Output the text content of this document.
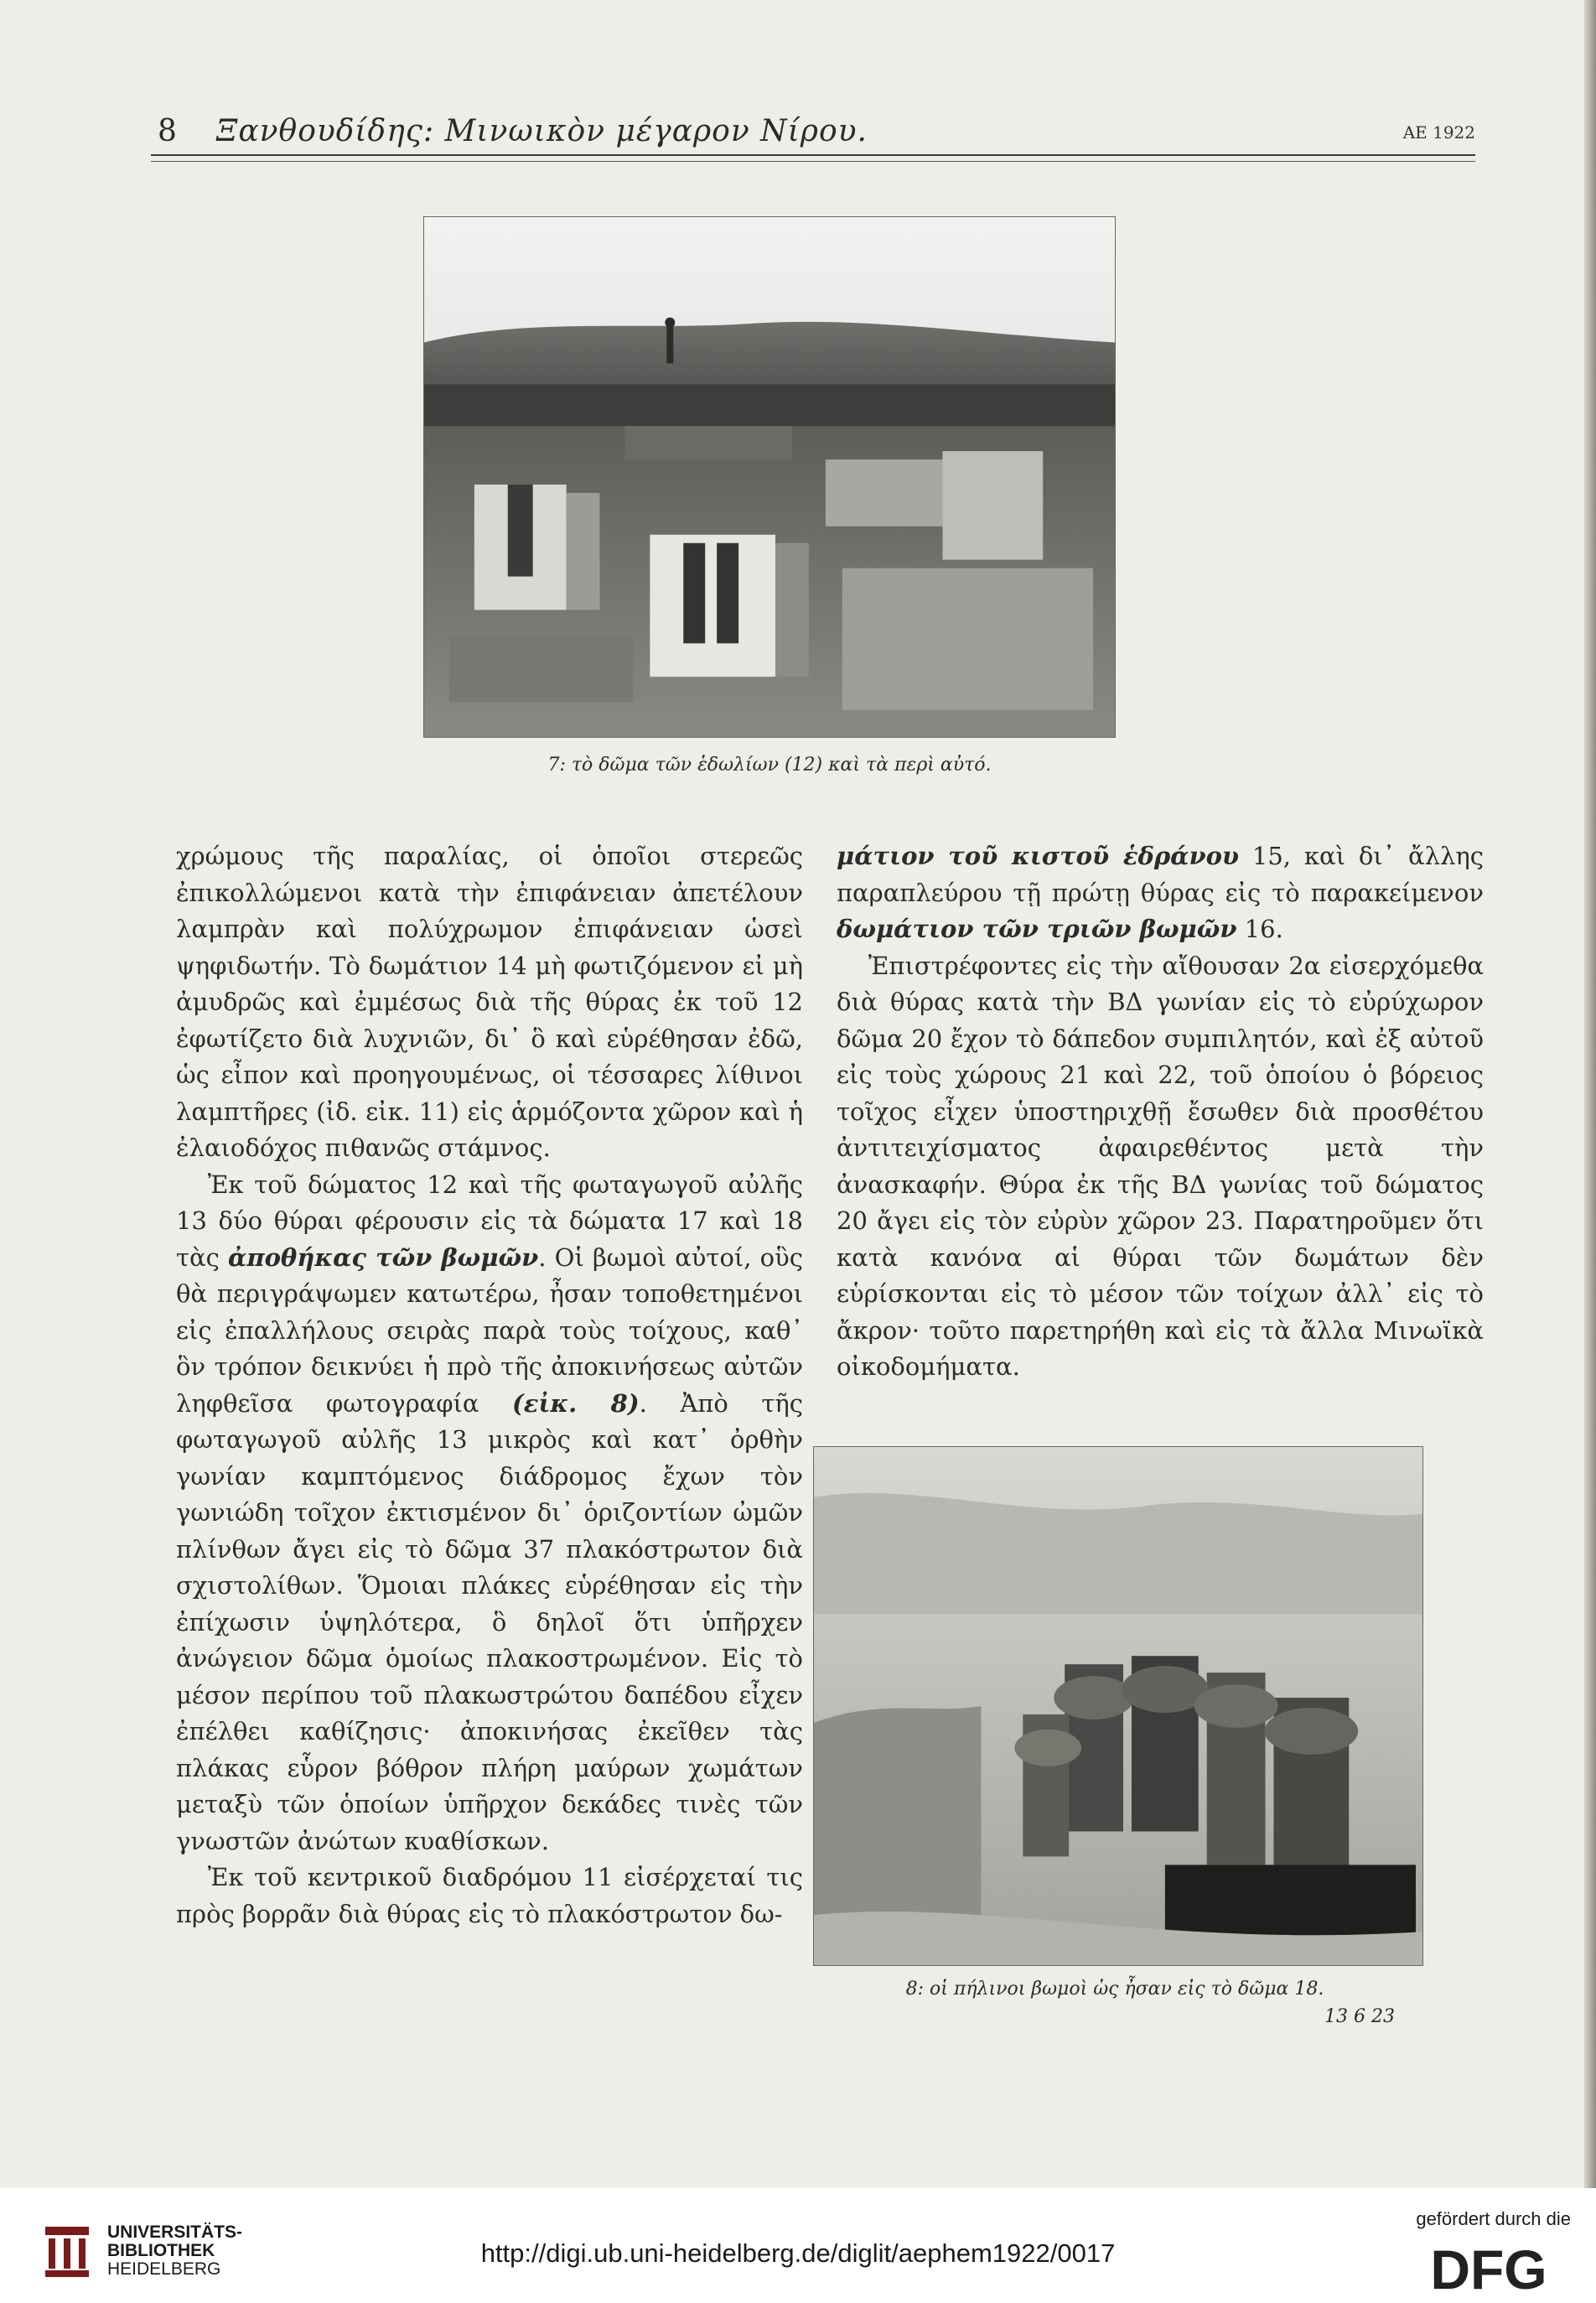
8 Ξανθουδίδης: Μινωικὸν μέγαρον Νίρου.	ΑΕ 1922
7: τὸ δῶμα τῶν ἑδωλίων (12) καὶ τὰ περὶ αὐτό.

χρώμους τῆς παραλίας, οἱ ὁποῖοι στερεῶς ἐπικολλώμενοι κατὰ τὴν ἐπιφάνειαν ἀπετέλουν λαμπρὰν καὶ πολύχρωμον ἐπιφάνειαν ὡσεὶ ψηφιδωτήν. Τὸ δωμάτιον 14 μὴ φωτιζόμενον εἰ μὴ ἀμυδρῶς καὶ ἐμμέσως διὰ τῆς θύρας ἐκ τοῦ 12 ἐφωτίζετο διὰ λυχνιῶν, δι᾽ ὃ καὶ εὑρέθησαν ἐδῶ, ὡς εἶπον καὶ προηγουμένως, οἱ τέσσαρες λίθινοι λαμπτῆρες (ἰδ. εἰκ. 11) εἰς ἁρμόζοντα χῶρον καὶ ἡ ἐλαιοδόχος πιθανῶς στάμνος.

Ἐκ τοῦ δώματος 12 καὶ τῆς φωταγωγοῦ αὐλῆς 13 δύο θύραι φέρουσιν εἰς τὰ δώματα 17 καὶ 18 τὰς ἀποθήκας τῶν βωμῶν. Οἱ βωμοὶ αὐτοί, οὓς θὰ περιγράψωμεν κατωτέρω, ἦσαν τοποθετημένοι εἰς ἐπαλλήλους σειρὰς παρὰ τοὺς τοίχους, καθ᾽ ὃν τρόπον δεικνύει ἡ πρὸ τῆς ἀποκινήσεως αὐτῶν ληφθεῖσα φωτογραφία (εἰκ. 8). Ἀπὸ τῆς φωταγωγοῦ αὐλῆς 13 μικρὸς καὶ κατ᾽ ὀρθὴν γωνίαν καμπτόμενος διάδρομος ἔχων τὸν γωνιώδη τοῖχον ἐκτισμένον δι᾽ ὁριζοντίων ὠμῶν πλίνθων ἄγει εἰς τὸ δῶμα 37 πλακόστρωτον διὰ σχιστολίθων. Ὅμοιαι πλάκες εὑρέθησαν εἰς τὴν ἐπίχωσιν ὑψηλότερα, ὃ δηλοῖ ὅτι ὑπῆρχεν ἀνώγειον δῶμα ὁμοίως πλακοστρωμένον. Εἰς τὸ μέσον περίπου τοῦ πλακωστρώτου δαπέδου εἶχεν ἐπέλθει καθίζησις· ἀποκινήσας ἐκεῖθεν τὰς πλάκας εὗρον βόθρον πλήρη μαύρων χωμάτων μεταξὺ τῶν ὁποίων ὑπῆρχον δεκάδες τινὲς τῶν γνωστῶν ἀνώτων κυαθίσκων.

Ἐκ τοῦ κεντρικοῦ διαδρόμου 11 εἰσέρχεταί τις πρὸς βορρᾶν διὰ θύρας εἰς τὸ πλακόστρωτον δω-

μάτιον τοῦ κιστοῦ ἑδράνου 15, καὶ δι᾽ ἄλλης παραπλεύρου τῇ πρώτῃ θύρας εἰς τὸ παρακείμενον δωμάτιον τῶν τριῶν βωμῶν 16.

Ἐπιστρέφοντες εἰς τὴν αἴθουσαν 2α εἰσερχόμεθα διὰ θύρας κατὰ τὴν ΒΔ γωνίαν εἰς τὸ εὐρύχωρον δῶμα 20 ἔχον τὸ δάπεδον συμπιλητόν, καὶ ἐξ αὐτοῦ εἰς τοὺς χώρους 21 καὶ 22, τοῦ ὁποίου ὁ βόρειος τοῖχος εἶχεν ὑποστηριχθῇ ἔσωθεν διὰ προσθέτου ἀντιτειχίσματος ἀφαιρεθέντος μετὰ τὴν ἀνασκαφήν. Θύρα ἐκ τῆς ΒΔ γωνίας τοῦ δώματος 20 ἄγει εἰς τὸν εὐρὺν χῶρον 23. Παρατηροῦμεν ὅτι κατὰ κανόνα αἱ θύραι τῶν δωμάτων δὲν εὑρίσκονται εἰς τὸ μέσον τῶν τοίχων ἀλλ᾽ εἰς τὸ ἄκρον· τοῦτο παρετηρήθη καὶ εἰς τὰ ἄλλα Μινωϊκὰ οἰκοδομήματα.

8: οἱ πήλινοι βωμοὶ ὡς ἦσαν εἰς τὸ δῶμα 18.
13 6 23
UNIVERSITÄTS-
BIBLIOTHEK
HEIDELBERG
http://digi.ub.uni-heidelberg.de/diglit/aephem1922/0017
gefördert durch die
DFG
